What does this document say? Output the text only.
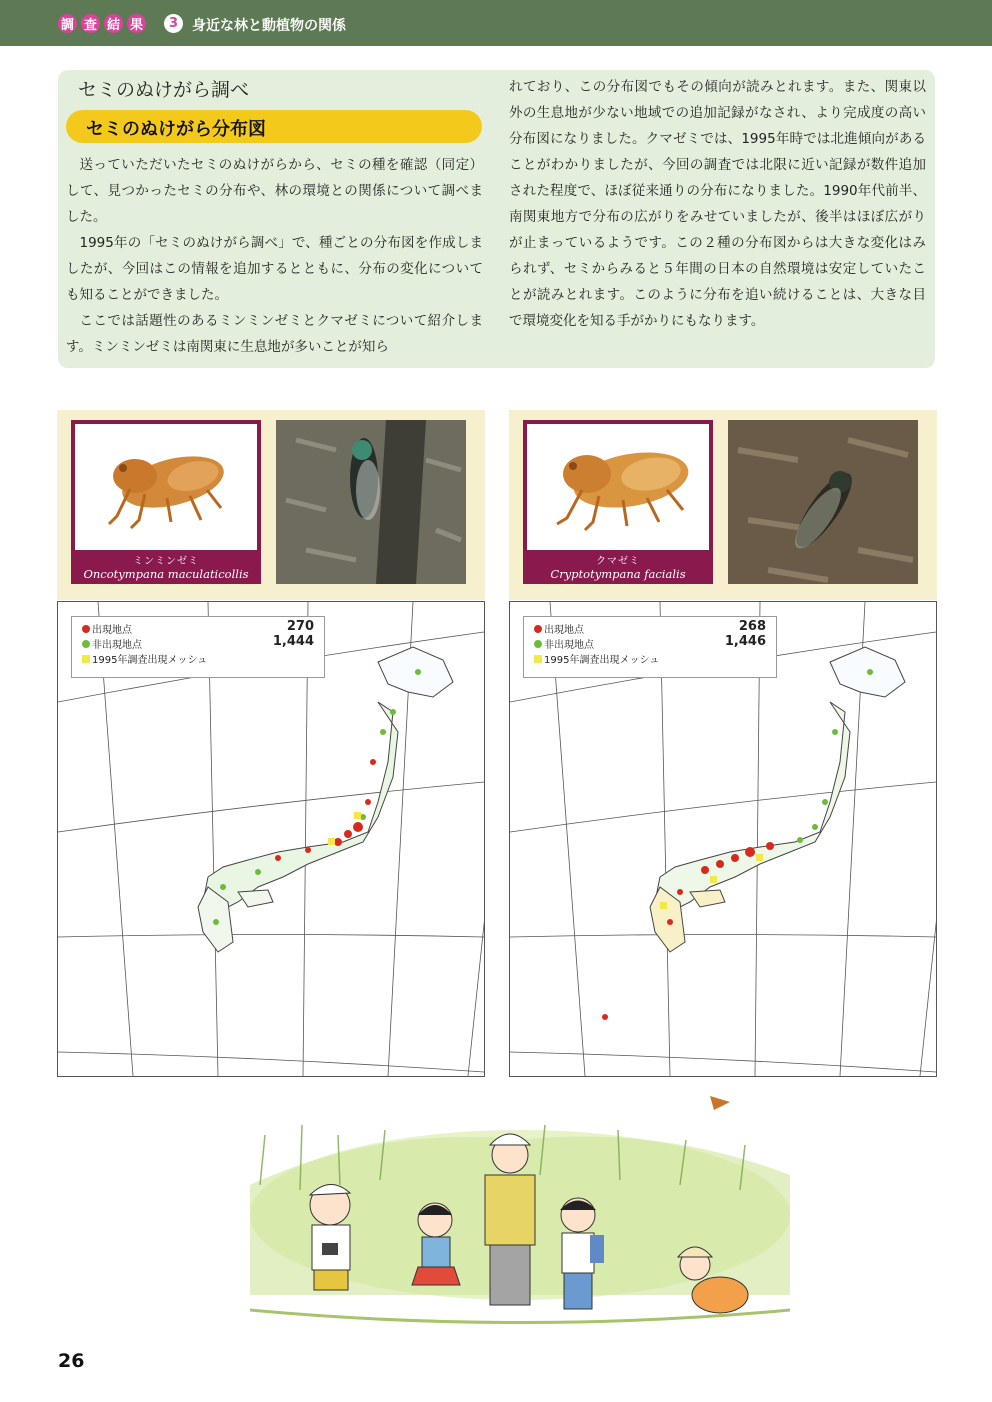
調 査 結 果	3 身近な林と動植物の関係
セミのぬけがら調べ
セミのぬけがら分布図

送っていただいたセミのぬけがらから、セミの種を確認（同定）して、見つかったセミの分布や、林の環境との関係について調べました。

1995年の「セミのぬけがら調べ」で、種ごとの分布図を作成しましたが、今回はこの情報を追加するとともに、分布の変化についても知ることができました。

ここでは話題性のあるミンミンゼミとクマゼミについて紹介します。ミンミンゼミは南関東に生息地が多いことが知ら

れており、この分布図でもその傾向が読みとれます。また、関東以外の生息地が少ない地域での追加記録がなされ、より完成度の高い分布図になりました。クマゼミでは、1995年時では北進傾向があることがわかりましたが、今回の調査では北限に近い記録が数件追加された程度で、ほぼ従来通りの分布になりました。1990年代前半、南関東地方で分布の広がりをみせていましたが、後半はほぼ広がりが止まっているようです。この２種の分布図からは大きな変化はみられず、セミからみると５年間の日本の自然環境は安定していたことが読みとれます。このように分布を追い続けることは、大きな目で環境変化を知る手がかりにもなります。

ミンミンゼミ
Oncotympana maculaticollis
クマゼミ
Cryptotympana facialis
出現地点	270
非出現地点	1,444
1995年調査出現メッシュ
出現地点	268
非出現地点	1,446
1995年調査出現メッシュ
26
